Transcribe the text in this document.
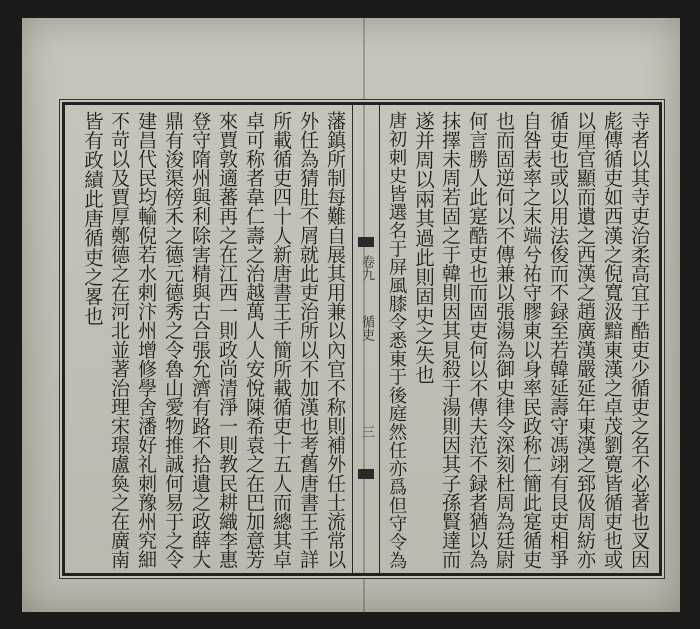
寺者以其寺吏治柔高宜于酷吏少循吏之名不必著也叉因
彪傳循吏如西漢之倪寬汲黯東漢之卓茂劉寛皆循吏也或
以厘官顯而遺之西漢之趙廣漢嚴延年東漢之郅伋周紡亦
循吏也或以用法俊而不録至若韓延壽守馮翊有艮吏相爭
自咎表率之末端兮祐守膠東以身率民政称仁簡此寔循吏
也而固逆何以不傳兼以張湯為御史律令深刻杜周為廷尉
何言勝人此寔酷吏也而固吏何以不傳夫范不録者猶以為
抹擇未周若固之于韓則因其見殺于湯則因其子孫賢達而
遂并周以兩其過此則固史之失也
唐初刺史皆選名于屏風膝令悉東于後庭然任亦爲但守令為
卷九
循吏
三
藩鎮所制每難自展其用兼以內官不称則補外任士流常以
外任為猜肚不屑就此吏治所以不加漢也考舊唐書王千詳
所載循吏四十人新唐書王千簡所載循吏十五人而總其卓
卓可称者韋仁壽之治越萬人人安悅陳希袁之在巴加意芳
來賈敦適蕃再之在江西一則政尚清淨一則教民耕織李惠
登守隋州與利除害精與古合張允濟有路不拾遺之政薛大
鼎有浚渠傍禾之德元德秀之令魯山愛物推誠何易于之令
建昌代民均輸倪若水剌汴州增修學舍潘好礼刺豫州究細
不苛以及賈厚鄭德之在河北並著治理宋璟盧奐之在廣南
皆有政績此唐循吏之畧也
